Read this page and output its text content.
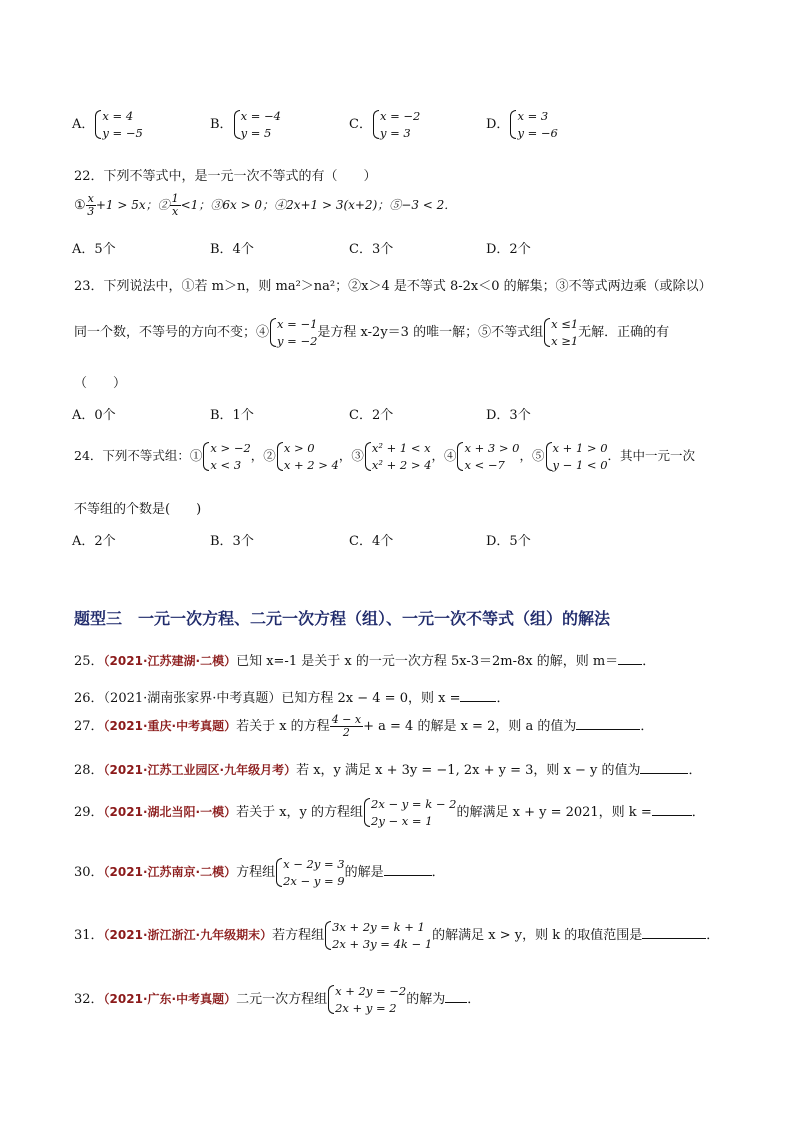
A．
x = 4
y = −5
B．
x = −4
y = 5
C．
x = −2
y = 3
D．
x = 3
y = −6
22．下列不等式中，是一元一次不等式的有（　　）
① $\frac{x}{3} +1 > 5x$；② $\frac{1}{x} <1$；③6x > 0；④2x+1 > 3(x+2)；⑤−3 < 2．
A．5个	B．4个	C．3个	D．2个
23．下列说法中，①若 m＞n，则 ma²＞na²；②x＞4 是不等式 8-2x＜0 的解集；③不等式两边乘（或除以）
同一个数，不等号的方向不变；④
x = −1
y = −2
是方程 x-2y＝3 的唯一解；⑤不等式组
x ≤1
x ≥1
无解．正确的有
（　　）
A．0个	B．1个	C．2个	D．3个
24．下列不等式组：①
x > −2
x < 3
，②
x > 0
x + 2 > 4
，③
x² + 1 < x
x² + 2 > 4
，④
x + 3 > 0
x < −7
，⑤
x + 1 > 0
y − 1 < 0
．其中一元一次
不等组的个数是(　　)
A．2个	B．3个	C．4个	D．5个
题型三　一元一次方程、二元一次方程（组）、一元一次不等式（组）的解法
25．（2021·江苏建湖·二模）已知 x=-1 是关于 x 的一元一次方程 5x-3＝2m-8x 的解，则 m＝ ．
26．（2021·湖南张家界·中考真题）已知方程 2x − 4 = 0，则 x =	．
27．（2021·重庆·中考真题）若关于 x 的方程 $\frac{4 - x}{2} + a = 4$ 的解是 x = 2，则 a 的值为	．
28．（2021·江苏工业园区·九年级月考）若 x，y 满足 x + 3y = −1, 2x + y = 3，则 x − y 的值为	．
29．（2021·湖北当阳·一模）若关于 x，y 的方程组
2x − y = k − 2
2y − x = 1
的解满足 x + y = 2021，则 k =	．
30．（2021·江苏南京·二模）方程组
x − 2y = 3
2x − y = 9
的解是	．
31．（2021·浙江浙江·九年级期末）若方程组
3x + 2y = k + 1
2x + 3y = 4k − 1
的解满足 x > y，则 k 的取值范围是	．
32．（2021·广东·中考真题）二元一次方程组
x + 2y = −2
2x + y = 2
的解为 ．
